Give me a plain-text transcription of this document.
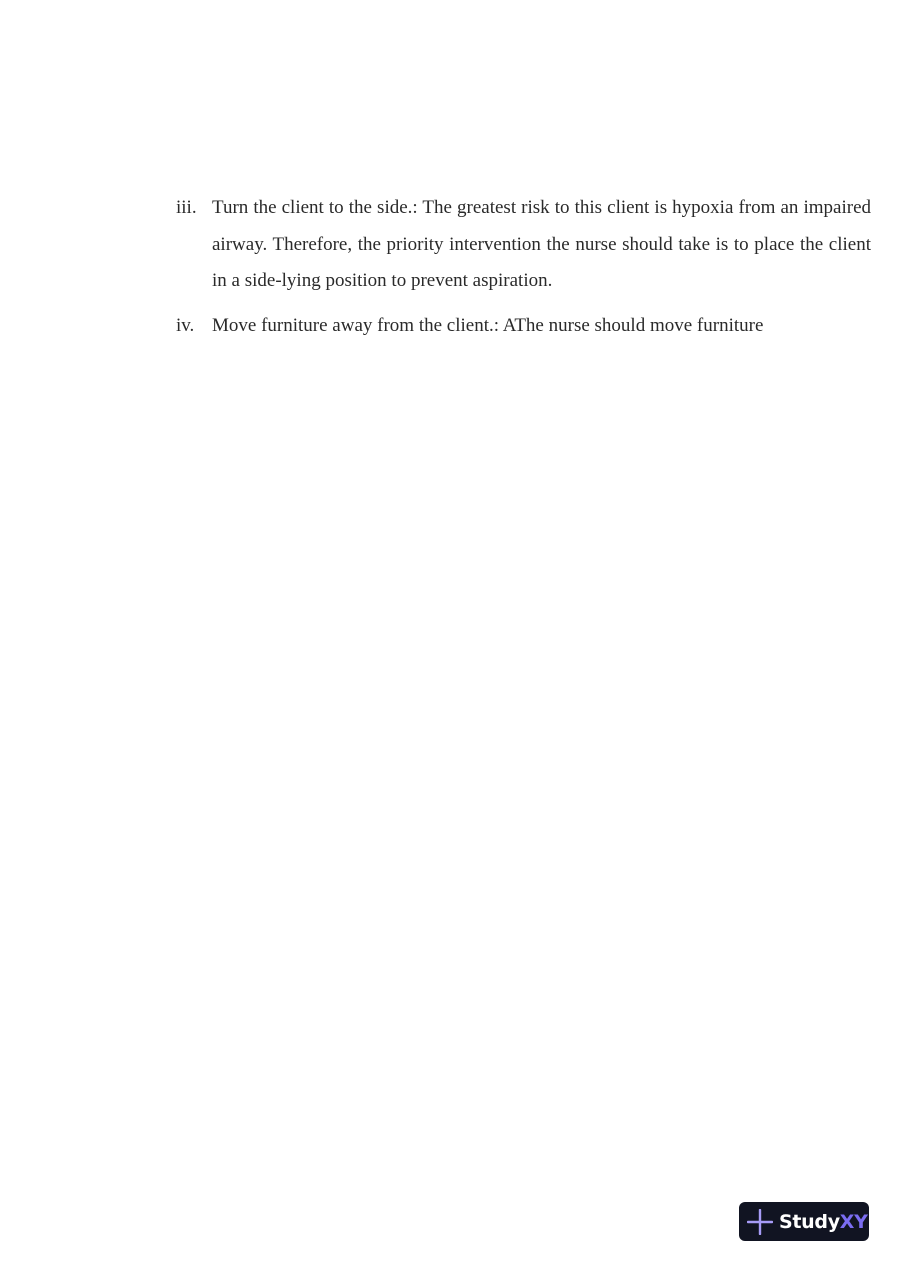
iii. Turn the client to the side.: The greatest risk to this client is hypoxia from an impaired airway. Therefore, the priority intervention the nurse should take is to place the client in a side-lying position to prevent aspiration.
iv. Move furniture away from the client.: AThe nurse should move furniture
Study XY
